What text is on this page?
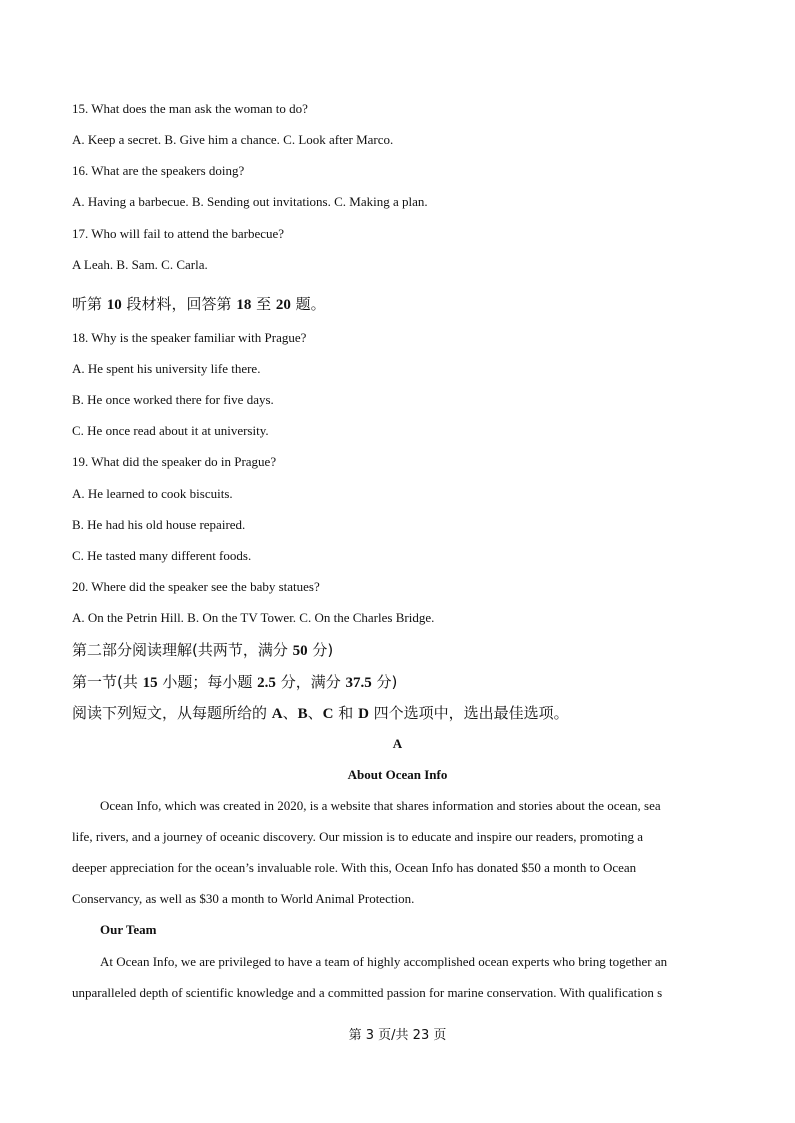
15. What does the man ask the woman to do?
A. Keep a secret. B. Give him a chance. C. Look after Marco.
16. What are the speakers doing?
A. Having a barbecue. B. Sending out invitations. C. Making a plan.
17. Who will fail to attend the barbecue?
A Leah. B. Sam. C. Carla.
听第 10 段材料，回答第 18 至 20 题。
18. Why is the speaker familiar with Prague?
A. He spent his university life there.
B. He once worked there for five days.
C. He once read about it at university.
19. What did the speaker do in Prague?
A. He learned to cook biscuits.
B. He had his old house repaired.
C. He tasted many different foods.
20. Where did the speaker see the baby statues?
A. On the Petrin Hill. B. On the TV Tower. C. On the Charles Bridge.
第二部分阅读理解(共两节，满分 50 分)
第一节(共 15 小题；每小题 2.5 分，满分 37.5 分)
阅读下列短文，从每题所给的 A、B、C 和 D 四个选项中，选出最佳选项。
A
About Ocean Info
Ocean Info, which was created in 2020, is a website that shares information and stories about the ocean, sea
life, rivers, and a journey of oceanic discovery. Our mission is to educate and inspire our readers, promoting a
deeper appreciation for the ocean’s invaluable role. With this, Ocean Info has donated $50 a month to Ocean
Conservancy, as well as $30 a month to World Animal Protection.
Our Team
At Ocean Info, we are privileged to have a team of highly accomplished ocean experts who bring together an
unparalleled depth of scientific knowledge and a committed passion for marine conservation. With qualification s
第 3 页/共 23 页
